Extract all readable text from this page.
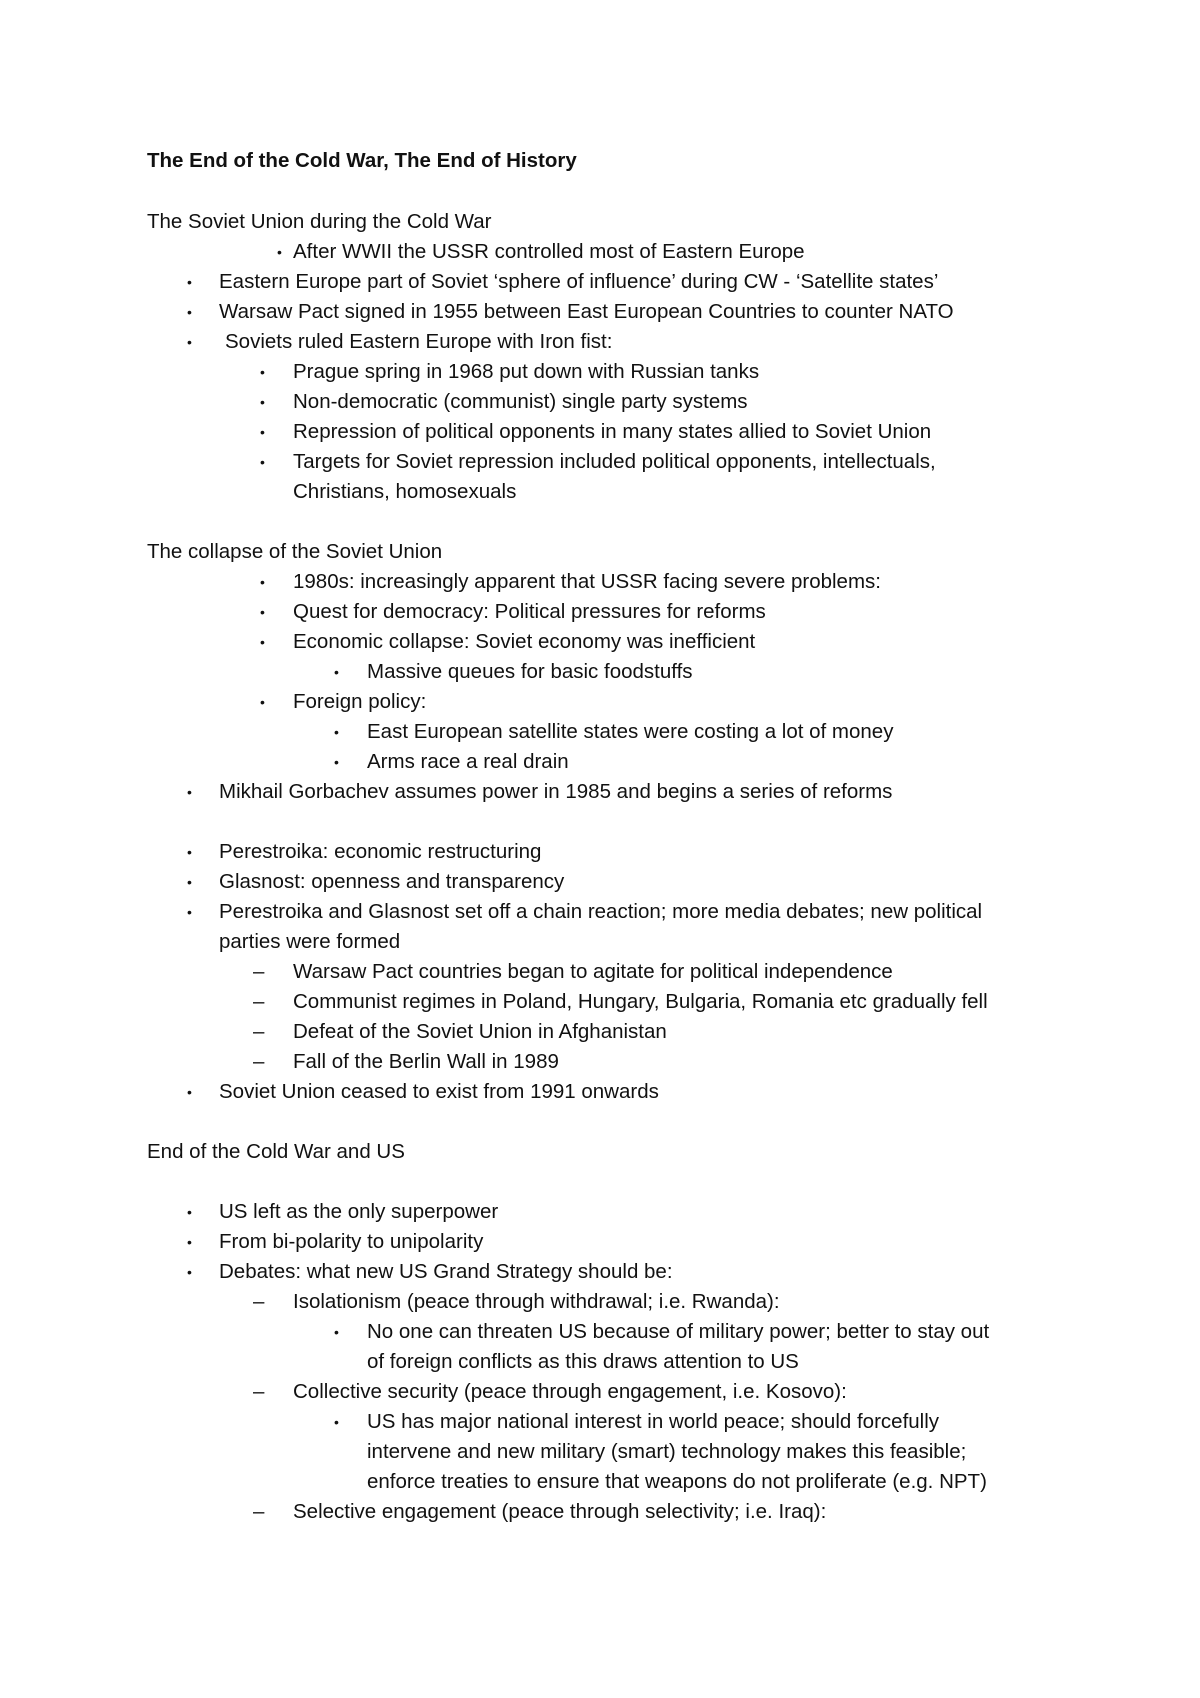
The End of the Cold War, The End of History
The Soviet Union during the Cold War
• After WWII the USSR controlled most of Eastern Europe
• Eastern Europe part of Soviet ‘sphere of influence’ during CW - ‘Satellite states’
• Warsaw Pact signed in 1955 between East European Countries to counter NATO
• Soviets ruled Eastern Europe with Iron fist:
• Prague spring in 1968 put down with Russian tanks
• Non-democratic (communist) single party systems
• Repression of political opponents in many states allied to Soviet Union
• Targets for Soviet repression included political opponents, intellectuals,
Christians, homosexuals
The collapse of the Soviet Union
• 1980s: increasingly apparent that USSR facing severe problems:
• Quest for democracy: Political pressures for reforms
• Economic collapse: Soviet economy was inefficient
• Massive queues for basic foodstuffs
• Foreign policy:
• East European satellite states were costing a lot of money
• Arms race a real drain
• Mikhail Gorbachev assumes power in 1985 and begins a series of reforms
• Perestroika: economic restructuring
• Glasnost: openness and transparency
• Perestroika and Glasnost set off a chain reaction; more media debates; new political
parties were formed
– Warsaw Pact countries began to agitate for political independence
– Communist regimes in Poland, Hungary, Bulgaria, Romania etc gradually fell
– Defeat of the Soviet Union in Afghanistan
– Fall of the Berlin Wall in 1989
• Soviet Union ceased to exist from 1991 onwards
End of the Cold War and US
• US left as the only superpower
• From bi-polarity to unipolarity
• Debates: what new US Grand Strategy should be:
– Isolationism (peace through withdrawal; i.e. Rwanda):
• No one can threaten US because of military power; better to stay out
of foreign conflicts as this draws attention to US
– Collective security (peace through engagement, i.e. Kosovo):
• US has major national interest in world peace; should forcefully
intervene and new military (smart) technology makes this feasible;
enforce treaties to ensure that weapons do not proliferate (e.g. NPT)
– Selective engagement (peace through selectivity; i.e. Iraq):
